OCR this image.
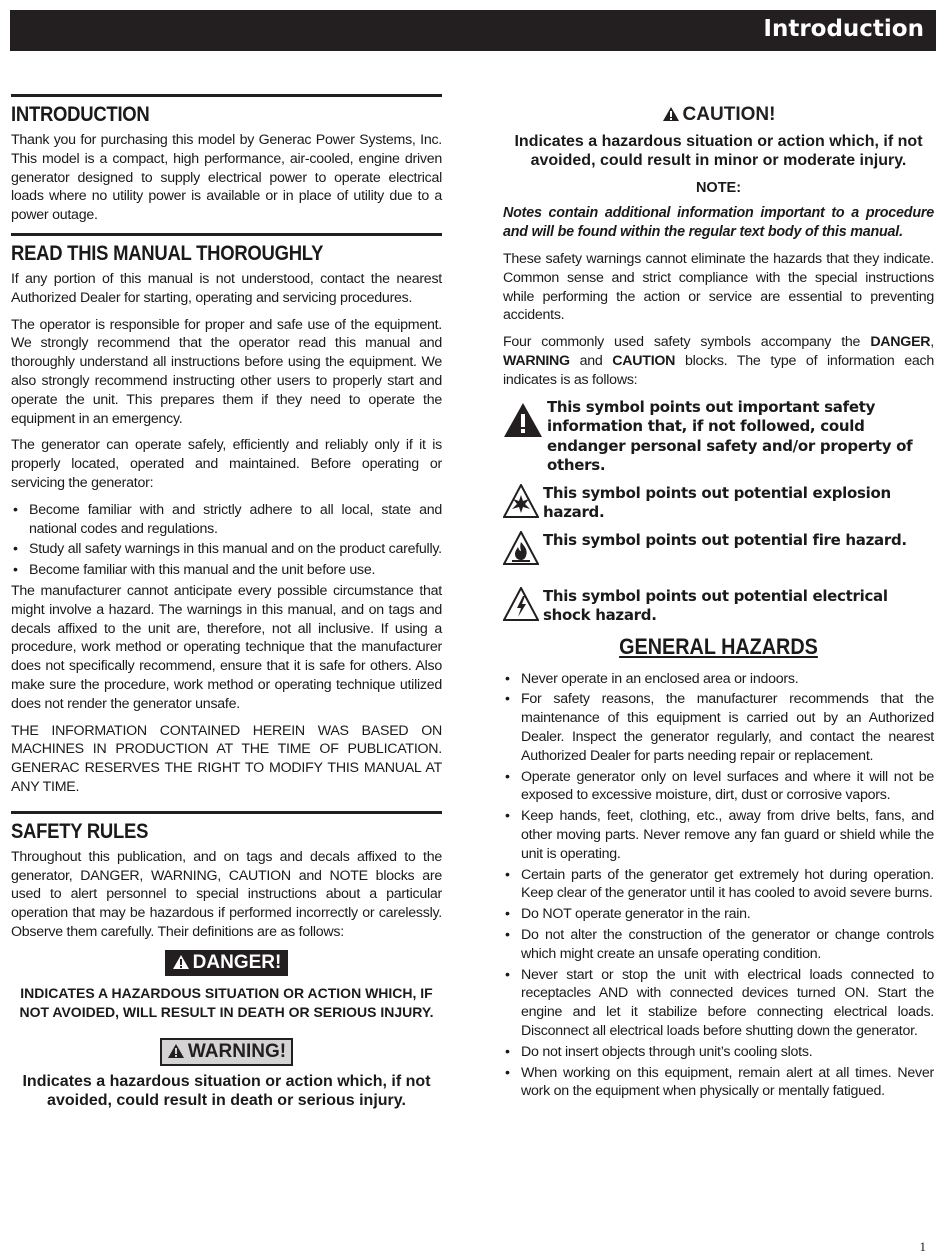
Introduction
INTRODUCTION

Thank you for purchasing this model by Generac Power Systems, Inc. This model is a compact, high performance, air-cooled, engine driven generator designed to supply electrical power to operate electrical loads where no utility power is available or in place of utility due to a power outage.

READ THIS MANUAL THOROUGHLY

If any portion of this manual is not understood, contact the nearest Authorized Dealer for starting, operating and servicing procedures.

The operator is responsible for proper and safe use of the equipment. We strongly recommend that the operator read this manual and thoroughly understand all instructions before using the equipment. We also strongly recommend instructing other users to properly start and operate the unit. This prepares them if they need to operate the equipment in an emergency.

The generator can operate safely, efficiently and reliably only if it is properly located, operated and maintained. Before operating or servicing the generator:

• Become familiar with and strictly adhere to all local, state and national codes and regulations.
• Study all safety warnings in this manual and on the product carefully.
• Become familiar with this manual and the unit before use.

The manufacturer cannot anticipate every possible circumstance that might involve a hazard. The warnings in this manual, and on tags and decals affixed to the unit are, therefore, not all inclusive. If using a procedure, work method or operating technique that the manufacturer does not specifically recommend, ensure that it is safe for others. Also make sure the procedure, work method or operating technique utilized does not render the generator unsafe.

THE INFORMATION CONTAINED HEREIN WAS BASED ON MACHINES IN PRODUCTION AT THE TIME OF PUBLICATION. GENERAC RESERVES THE RIGHT TO MODIFY THIS MANUAL AT ANY TIME.

SAFETY RULES

Throughout this publication, and on tags and decals affixed to the generator, DANGER, WARNING, CAUTION and NOTE blocks are used to alert personnel to special instructions about a particular operation that may be hazardous if performed incorrectly or carelessly. Observe them carefully. Their definitions are as follows:

DANGER!
INDICATES A HAZARDOUS SITUATION OR ACTION WHICH, IF NOT AVOIDED, WILL RESULT IN DEATH OR SERIOUS INJURY.
WARNING!
Indicates a hazardous situation or action which, if not avoided, could result in death or serious injury.
CAUTION!
Indicates a hazardous situation or action which, if not avoided, could result in minor or moderate injury.
NOTE:

Notes contain additional information important to a procedure and will be found within the regular text body of this manual.

These safety warnings cannot eliminate the hazards that they indicate. Common sense and strict compliance with the special instructions while performing the action or service are essential to preventing accidents.

Four commonly used safety symbols accompany the DANGER, WARNING and CAUTION blocks. The type of information each indicates is as follows:

This symbol points out important safety information that, if not followed, could endanger personal safety and/or property of others.
This symbol points out potential explosion hazard.
This symbol points out potential fire hazard.
This symbol points out potential electrical shock hazard.
GENERAL HAZARDS
• Never operate in an enclosed area or indoors.
• For safety reasons, the manufacturer recommends that the maintenance of this equipment is carried out by an Authorized Dealer. Inspect the generator regularly, and contact the nearest Authorized Dealer for parts needing repair or replacement.
• Operate generator only on level surfaces and where it will not be exposed to excessive moisture, dirt, dust or corrosive vapors.
• Keep hands, feet, clothing, etc., away from drive belts, fans, and other moving parts. Never remove any fan guard or shield while the unit is operating.
• Certain parts of the generator get extremely hot during operation. Keep clear of the generator until it has cooled to avoid severe burns.
• Do NOT operate generator in the rain.
• Do not alter the construction of the generator or change controls which might create an unsafe operating condition.
• Never start or stop the unit with electrical loads connected to receptacles AND with connected devices turned ON. Start the engine and let it stabilize before connecting electrical loads. Disconnect all electrical loads before shutting down the generator.
• Do not insert objects through unit’s cooling slots.
• When working on this equipment, remain alert at all times. Never work on the equipment when physically or mentally fatigued.
1
